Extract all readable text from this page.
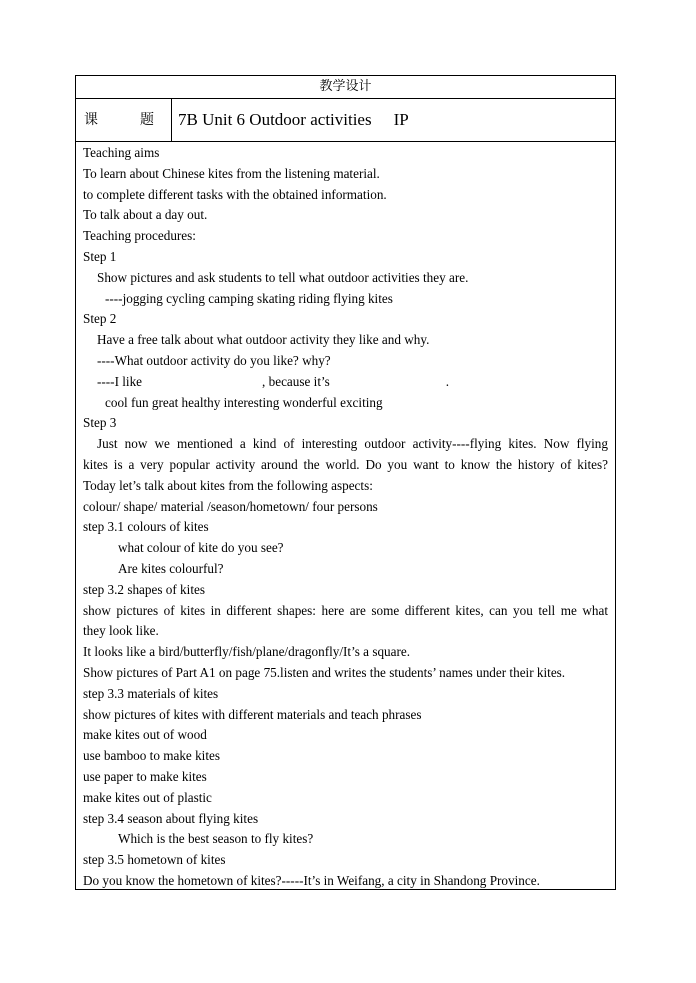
教学设计
课	题	7B Unit 6 Outdoor activities IP
Teaching aims
To learn about Chinese kites from the listening material.
to complete different tasks with the obtained information.
To talk about a day out.
Teaching procedures:
Step 1
Show pictures and ask students to tell what outdoor activities they are.
----jogging cycling camping skating riding flying kites
Step 2
Have a free talk about what outdoor activity they like and why.
----What outdoor activity do you like? why?
----I like	, because it’s	.
cool fun great healthy interesting wonderful exciting
Step 3
Just now we mentioned a kind of interesting outdoor activity----flying kites. Now flying
kites is a very popular activity around the world. Do you want to know the history of kites?
Today let’s talk about kites from the following aspects:
colour/ shape/ material /season/hometown/ four persons
step 3.1 colours of kites
what colour of kite do you see?
Are kites colourful?
step 3.2 shapes of kites
show pictures of kites in different shapes: here are some different kites, can you tell me what
they look like.
It looks like a bird/butterfly/fish/plane/dragonfly/It’s a square.
Show pictures of Part A1 on page 75.listen and writes the students’ names under their kites.
step 3.3 materials of kites
show pictures of kites with different materials and teach phrases
make kites out of wood
use bamboo to make kites
use paper to make kites
make kites out of plastic
step 3.4 season about flying kites
Which is the best season to fly kites?
step 3.5 hometown of kites
Do you know the hometown of kites?-----It’s in Weifang, a city in Shandong Province.
